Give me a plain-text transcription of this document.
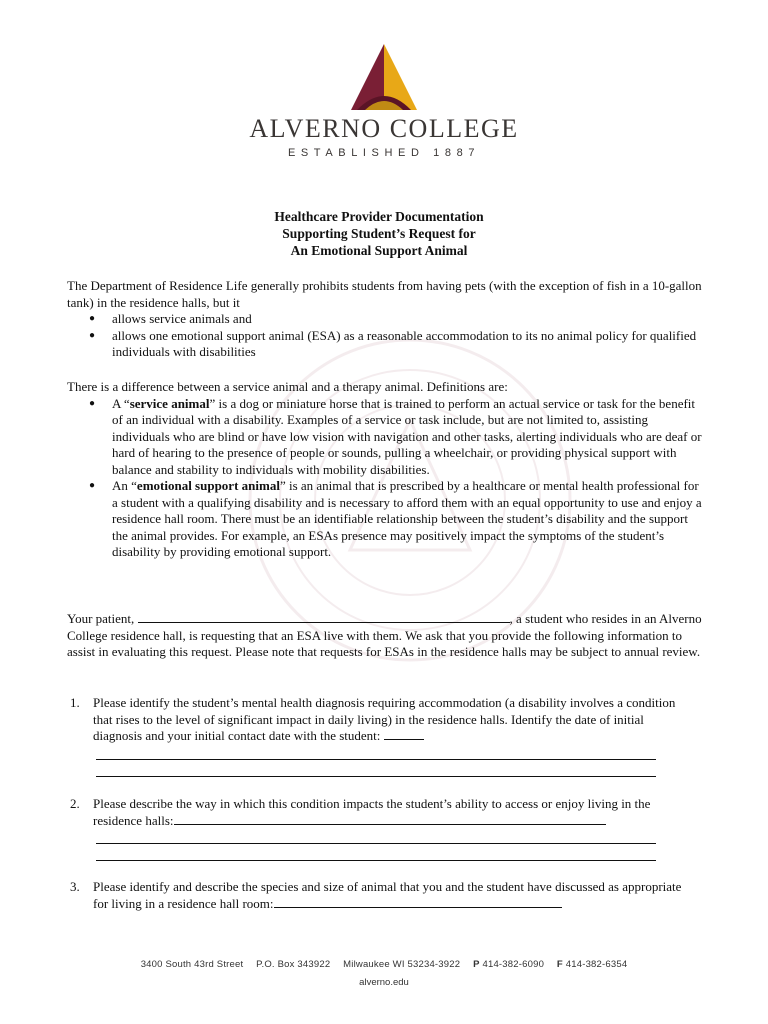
ALVERNO COLLEGE
ESTABLISHED 1887
Healthcare Provider Documentation
Supporting Student’s Request for
An Emotional Support Animal

The Department of Residence Life generally prohibits students from having pets (with the exception of fish in a 10-gallon tank) in the residence halls, but it

● allows service animals and
● allows one emotional support animal (ESA) as a reasonable accommodation to its no animal policy for qualified individuals with disabilities

There is a difference between a service animal and a therapy animal. Definitions are:

● A “service animal” is a dog or miniature horse that is trained to perform an actual service or task for the benefit of an individual with a disability. Examples of a service or task include, but are not limited to, assisting individuals who are blind or have low vision with navigation and other tasks, alerting individuals who are deaf or hard of hearing to the presence of people or sounds, pulling a wheelchair, or providing physical support with balance and stability to individuals with mobility disabilities.
● An “emotional support animal” is an animal that is prescribed by a healthcare or mental health professional for a student with a qualifying disability and is necessary to afford them with an equal opportunity to use and enjoy a residence hall room. There must be an identifiable relationship between the student’s disability and the support the animal provides. For example, an ESAs presence may positively impact the symptoms of the student’s disability by providing emotional support.
Your patient,	, a student who resides in an Alverno College residence hall, is requesting that an ESA live with them. We ask that you provide the following information to assist in evaluating this request. Please note that requests for ESAs in the residence halls may be subject to annual review.
1.	Please identify the student’s mental health diagnosis requiring accommodation (a disability involves a condition that rises to the level of significant impact in daily living) in the residence halls. Identify the date of initial diagnosis and your initial contact date with the student:
2.	Please describe the way in which this condition impacts the student’s ability to access or enjoy living in the residence halls:
3.	Please identify and describe the species and size of animal that you and the student have discussed as appropriate for living in a residence hall room:
3400 South 43rd Street P.O. Box 343922 Milwaukee WI 53234-3922 P 414-382-6090 F 414-382-6354
alverno.edu
